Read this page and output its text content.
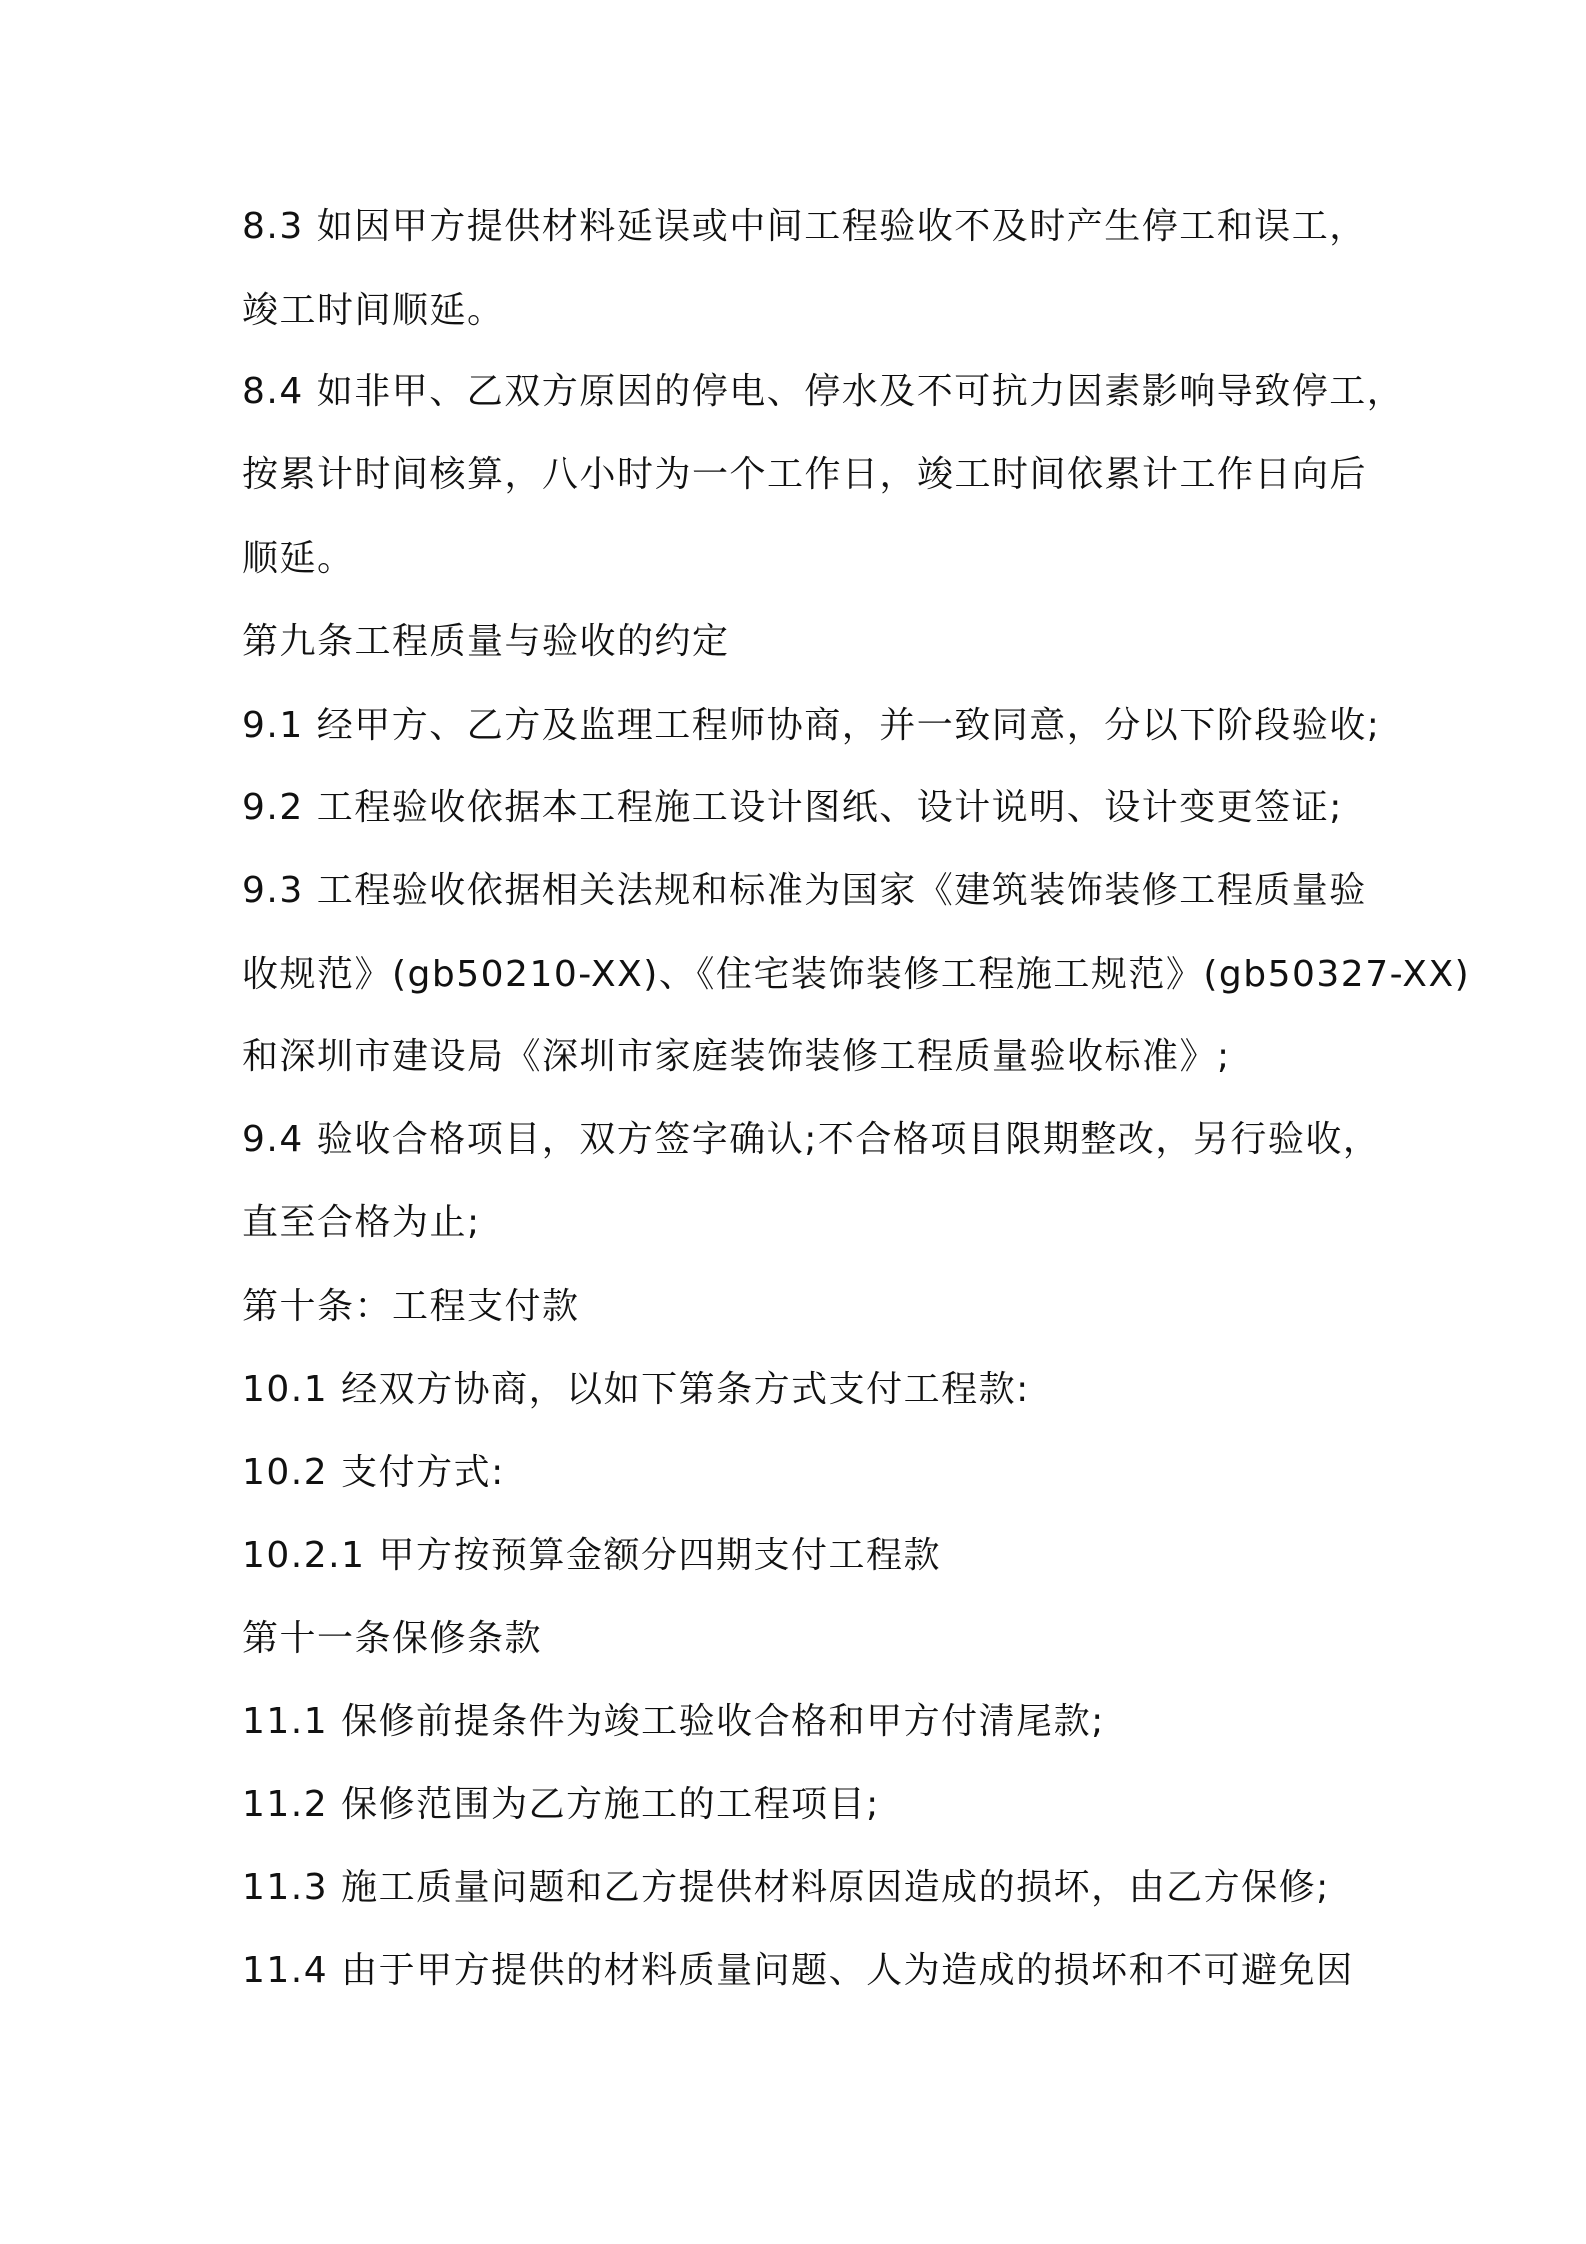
8.3 如因甲方提供材料延误或中间工程验收不及时产生停工和误工，
竣工时间顺延。
8.4 如非甲、乙双方原因的停电、停水及不可抗力因素影响导致停工，
按累计时间核算，八小时为一个工作日，竣工时间依累计工作日向后
顺延。
第九条工程质量与验收的约定
9.1 经甲方、乙方及监理工程师协商，并一致同意，分以下阶段验收;
9.2 工程验收依据本工程施工设计图纸、设计说明、设计变更签证;
9.3 工程验收依据相关法规和标准为国家《建筑装饰装修工程质量验
收规范》(gb50210-XX)、《住宅装饰装修工程施工规范》(gb50327-XX)
和深圳市建设局《深圳市家庭装饰装修工程质量验收标准》;
9.4 验收合格项目，双方签字确认;不合格项目限期整改，另行验收，
直至合格为止;
第十条：工程支付款
10.1 经双方协商，以如下第条方式支付工程款:
10.2 支付方式:
10.2.1 甲方按预算金额分四期支付工程款
第十一条保修条款
11.1 保修前提条件为竣工验收合格和甲方付清尾款;
11.2 保修范围为乙方施工的工程项目;
11.3 施工质量问题和乙方提供材料原因造成的损坏，由乙方保修;
11.4 由于甲方提供的材料质量问题、人为造成的损坏和不可避免因
